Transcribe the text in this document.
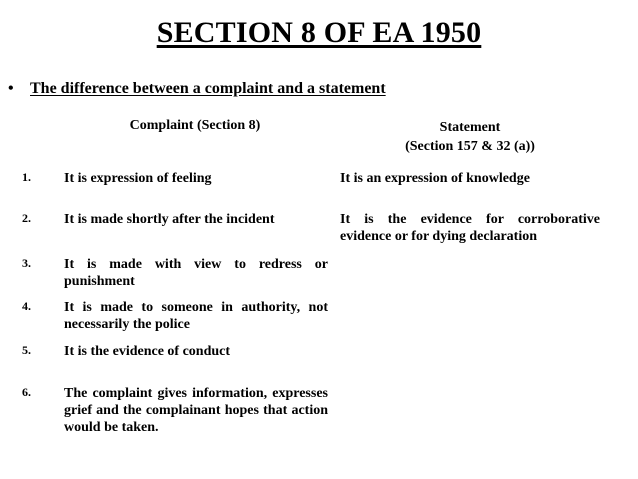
SECTION 8 OF EA 1950
• The difference between a complaint and a statement
Complaint (Section 8)	Statement
(Section 157 & 32 (a))
1. It is expression of feeling	It is an expression of knowledge
2. It is made shortly after the incident	It is the evidence for corroborative evidence or for dying declaration
3. It is made with view to redress or punishment
4. It is made to someone in authority, not necessarily the police
5. It is the evidence of conduct
6. The complaint gives information, expresses grief and the complainant hopes that action would be taken.
